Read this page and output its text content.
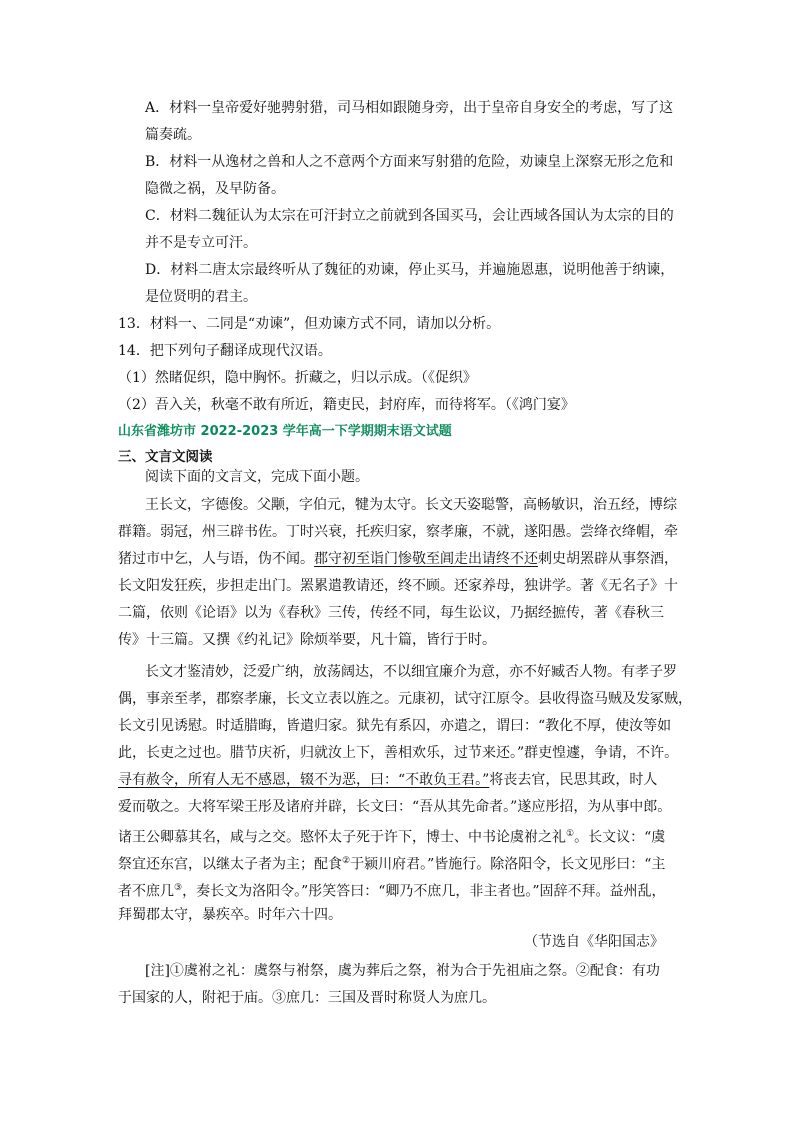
A．材料一皇帝爱好驰骋射猎，司马相如跟随身旁，出于皇帝自身安全的考虑，写了这
篇奏疏。
B．材料一从逸材之兽和人之不意两个方面来写射猎的危险，劝谏皇上深察无形之危和
隐微之祸，及早防备。
C．材料二魏征认为太宗在可汗封立之前就到各国买马，会让西域各国认为太宗的目的
并不是专立可汗。
D．材料二唐太宗最终听从了魏征的劝谏，停止买马，并遍施恩惠，说明他善于纳谏，
是位贤明的君主。
13．材料一、二同是“劝谏”，但劝谏方式不同，请加以分析。
14．把下列句子翻译成现代汉语。
（1）然睹促织，隐中胸怀。折藏之，归以示成。（《促织》
（2）吾入关，秋毫不敢有所近，籍吏民，封府库，而待将军。（《鸿门宴》
山东省潍坊市 2022-2023 学年高一下学期期末语文试题
三、文言文阅读
阅读下面的文言文，完成下面小题。
王长文，字德俊。父颙，字伯元，犍为太守。长文天姿聪警，高畅敏识，治五经，博综
群籍。弱冠，州三辟书佐。丁时兴衰，托疾归家，察孝廉，不就，遂阳愚。尝绛衣绛帽，牵
猪过市中乞，人与语，伪不闻。郡守初至诣门惨敬至阊走出请终不还刺史胡罴辟从事祭酒，
长文阳发狂疾，步担走出门。罴累遣教请还，终不顾。还家养母，独讲学。著《无名子》十
二篇，依则《论语》以为《春秋》三传，传经不同，每生讼议，乃据经摭传，著《春秋三
传》十三篇。又撰《约礼记》除烦举要，凡十篇，皆行于时。
长文才鉴清妙，泛爱广纳，放荡阔达，不以细宜廉介为意，亦不好臧否人物。有孝子罗
偶，事亲至孝，郡察孝廉，长文立表以旌之。元康初，试守江原令。县收得盗马贼及发冢贼，
长文引见诱慰。时适腊晦，皆遣归家。狱先有系囚，亦遣之，谓曰：“教化不厚，使汝等如
此，长吏之过也。腊节庆祈，归就汝上下，善相欢乐，过节来还。”群吏惶遽，争请，不许。
寻有赦令，所宥人无不感恩，辍不为恶，曰：“不敢负王君。”将丧去官，民思其政，时人
爱而敬之。大将军梁王彤及诸府并辟，长文曰：“吾从其先命者。”遂应彤招，为从事中郎。
诸王公卿慕其名，咸与之交。愍怀太子死于许下，博士、中书论虞祔之礼①。长文议：“虞
祭宜还东宫，以继太子者为主；配食②于颍川府君。”皆施行。除洛阳令，长文见彤曰：“主
者不庶几③，奏长文为洛阳令。”彤笑答曰：“卿乃不庶几，非主者也。”固辞不拜。益州乱，
拜蜀郡太守，暴疾卒。时年六十四。
（节选自《华阳国志》
[注]①虞祔之礼：虞祭与祔祭，虞为葬后之祭，祔为合于先祖庙之祭。②配食：有功
于国家的人，附祀于庙。③庶几：三国及晋时称贤人为庶几。
